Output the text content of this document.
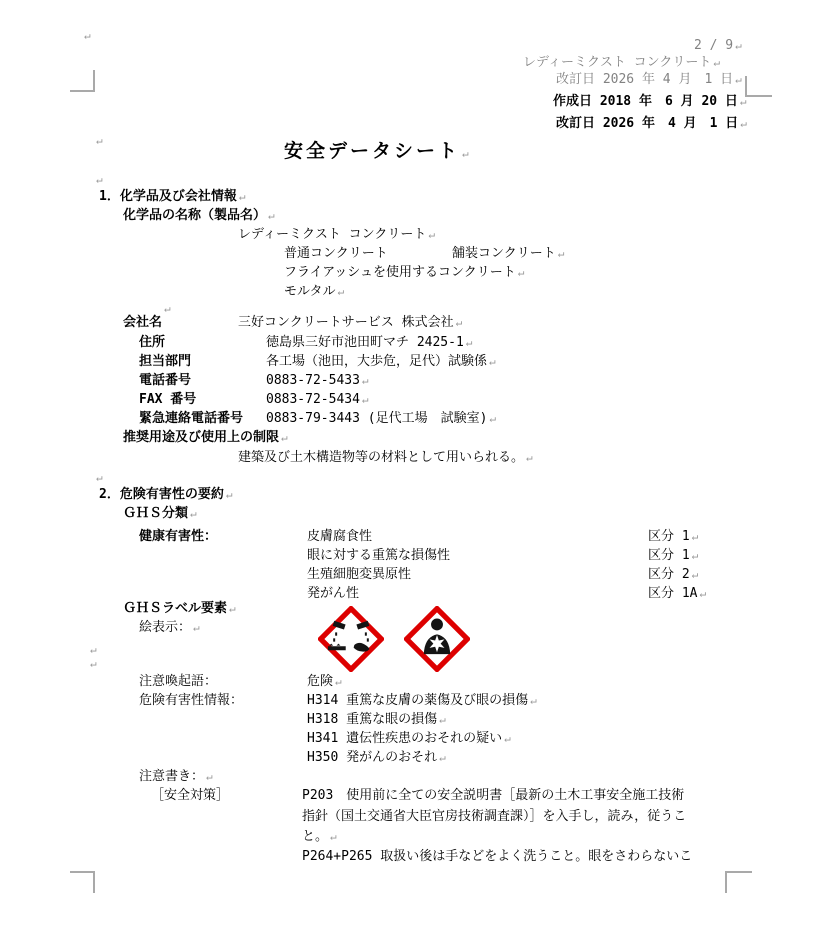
↵
2 / 9 ↵
レディーミクスト コンクリート ↵
改訂日 2026 年 4 月　1 日 ↵
作成日 2018 年　6 月 20 日 ↵
改訂日 2026 年　4 月　1 日 ↵
↵	安全データシート ↵
↵
1．化学品及び会社情報 ↵
化学品の名称（製品名） ↵
レディーミクスト コンクリート ↵
普通コンクリート	舗装コンクリート ↵
フライアッシュを使用するコンクリート ↵
モルタル ↵
↵
会社名	三好コンクリートサービス 株式会社 ↵
住所	徳島県三好市池田町マチ 2425-1 ↵
担当部門	各工場（池田，大歩危，足代）試験係 ↵
電話番号	0883-72-5433 ↵
FAX 番号	0883-72-5434 ↵
緊急連絡電話番号 0883-79-3443 (足代工場　試験室) ↵
推奨用途及び使用上の制限 ↵
建築及び土木構造物等の材料として用いられる。 ↵
↵
2．危険有害性の要約 ↵
ＧＨＳ分類 ↵
健康有害性：	皮膚腐食性	区分 1 ↵
眼に対する重篤な損傷性	区分 1 ↵
生殖細胞変異原性	区分 2 ↵
発がん性	区分 1A ↵
ＧＨＳラベル要素 ↵
絵表示： ↵
↵
↵
注意喚起語：	危険 ↵
危険有害性情報：	H314 重篤な皮膚の薬傷及び眼の損傷 ↵
H318 重篤な眼の損傷 ↵
H341 遺伝性疾患のおそれの疑い ↵
H350 発がんのおそれ ↵
注意書き： ↵
［安全対策］	P203　使用前に全ての安全説明書［最新の土木工事安全施工技術
指針（国土交通省大臣官房技術調査課）］を入手し，読み，従うこ
と。 ↵
P264+P265 取扱い後は手などをよく洗うこと。眼をさわらないこ
